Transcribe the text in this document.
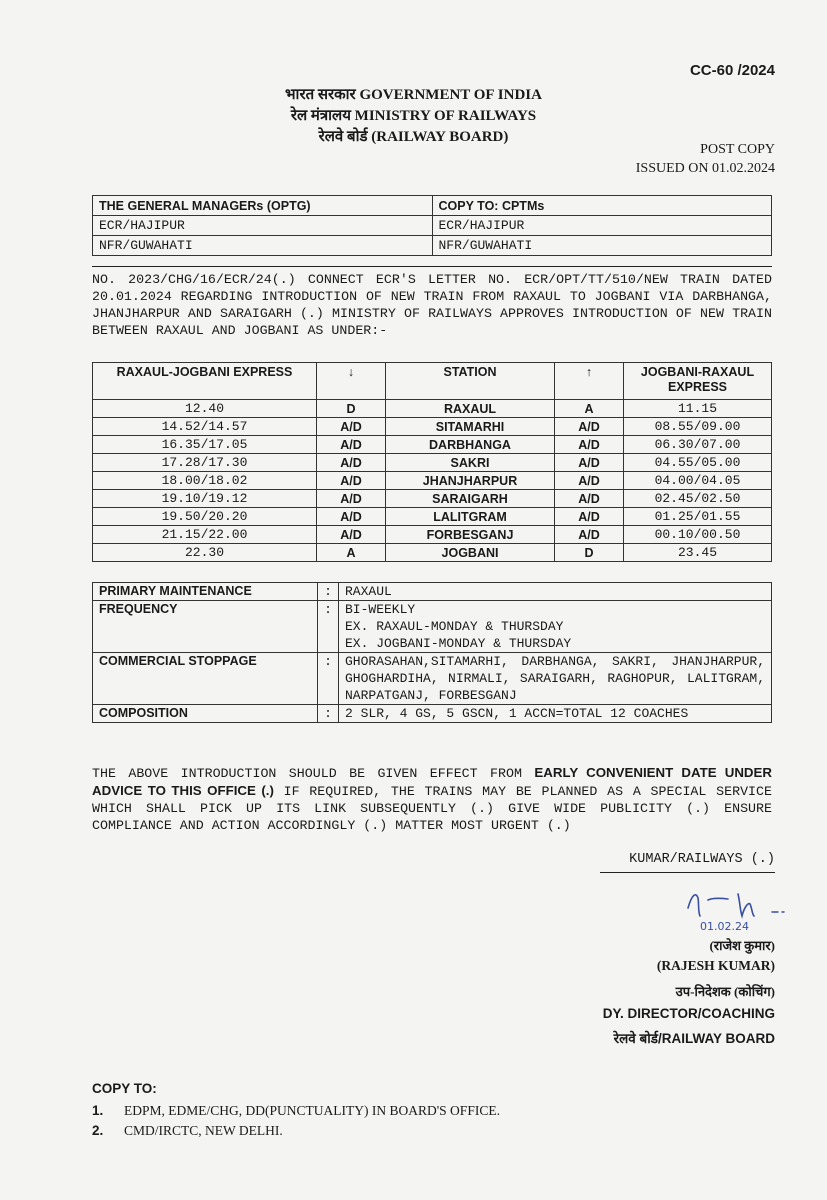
CC-60 /2024
भारत सरकार GOVERNMENT OF INDIA
रेल मंत्रालय MINISTRY OF RAILWAYS
रेलवे बोर्ड (RAILWAY BOARD)
POST COPY
ISSUED ON 01.02.2024
THE GENERAL MANAGERs (OPTG)	COPY TO: CPTMs
ECR/HAJIPUR	ECR/HAJIPUR
NFR/GUWAHATI	NFR/GUWAHATI
NO. 2023/CHG/16/ECR/24(.) CONNECT ECR'S LETTER NO. ECR/OPT/TT/510/NEW TRAIN DATED 20.01.2024 REGARDING INTRODUCTION OF NEW TRAIN FROM RAXAUL TO JOGBANI VIA DARBHANGA, JHANJHARPUR AND SARAIGARH (.) MINISTRY OF RAILWAYS APPROVES INTRODUCTION OF NEW TRAIN BETWEEN RAXAUL AND JOGBANI AS UNDER:-
RAXAUL-JOGBANI EXPRESS	↓	STATION	↑	JOGBANI-RAXAUL EXPRESS
12.40	D	RAXAUL	A	11.15
14.52/14.57	A/D	SITAMARHI	A/D	08.55/09.00
16.35/17.05	A/D	DARBHANGA	A/D	06.30/07.00
17.28/17.30	A/D	SAKRI	A/D	04.55/05.00
18.00/18.02	A/D	JHANJHARPUR	A/D	04.00/04.05
19.10/19.12	A/D	SARAIGARH	A/D	02.45/02.50
19.50/20.20	A/D	LALITGRAM	A/D	01.25/01.55
21.15/22.00	A/D	FORBESGANJ	A/D	00.10/00.50
22.30	A	JOGBANI	D	23.45
PRIMARY MAINTENANCE	:	RAXAUL
FREQUENCY	:	BI-WEEKLY
EX. RAXAUL-MONDAY & THURSDAY
EX. JOGBANI-MONDAY & THURSDAY

COMMERCIAL STOPPAGE	:	GHORASAHAN,SITAMARHI, DARBHANGA, SAKRI, JHANJHARPUR, GHOGHARDIHA, NIRMALI, SARAIGARH, RAGHOPUR, LALITGRAM, NARPATGANJ, FORBESGANJ
COMPOSITION	:	2 SLR, 4 GS, 5 GSCN, 1 ACCN=TOTAL 12 COACHES
THE ABOVE INTRODUCTION SHOULD BE GIVEN EFFECT FROM EARLY CONVENIENT DATE UNDER ADVICE TO THIS OFFICE (.) IF REQUIRED, THE TRAINS MAY BE PLANNED AS A SPECIAL SERVICE WHICH SHALL PICK UP ITS LINK SUBSEQUENTLY (.) GIVE WIDE PUBLICITY (.) ENSURE COMPLIANCE AND ACTION ACCORDINGLY (.) MATTER MOST URGENT (.)
KUMAR/RAILWAYS (.)
01.02.24
(राजेश कुमार)
(RAJESH KUMAR)
उप-निदेशक (कोचिंग)
DY. DIRECTOR/COACHING
रेलवे बोर्ड/RAILWAY BOARD
COPY TO:
1. EDPM, EDME/CHG, DD(PUNCTUALITY) IN BOARD'S OFFICE.
2. CMD/IRCTC, NEW DELHI.
